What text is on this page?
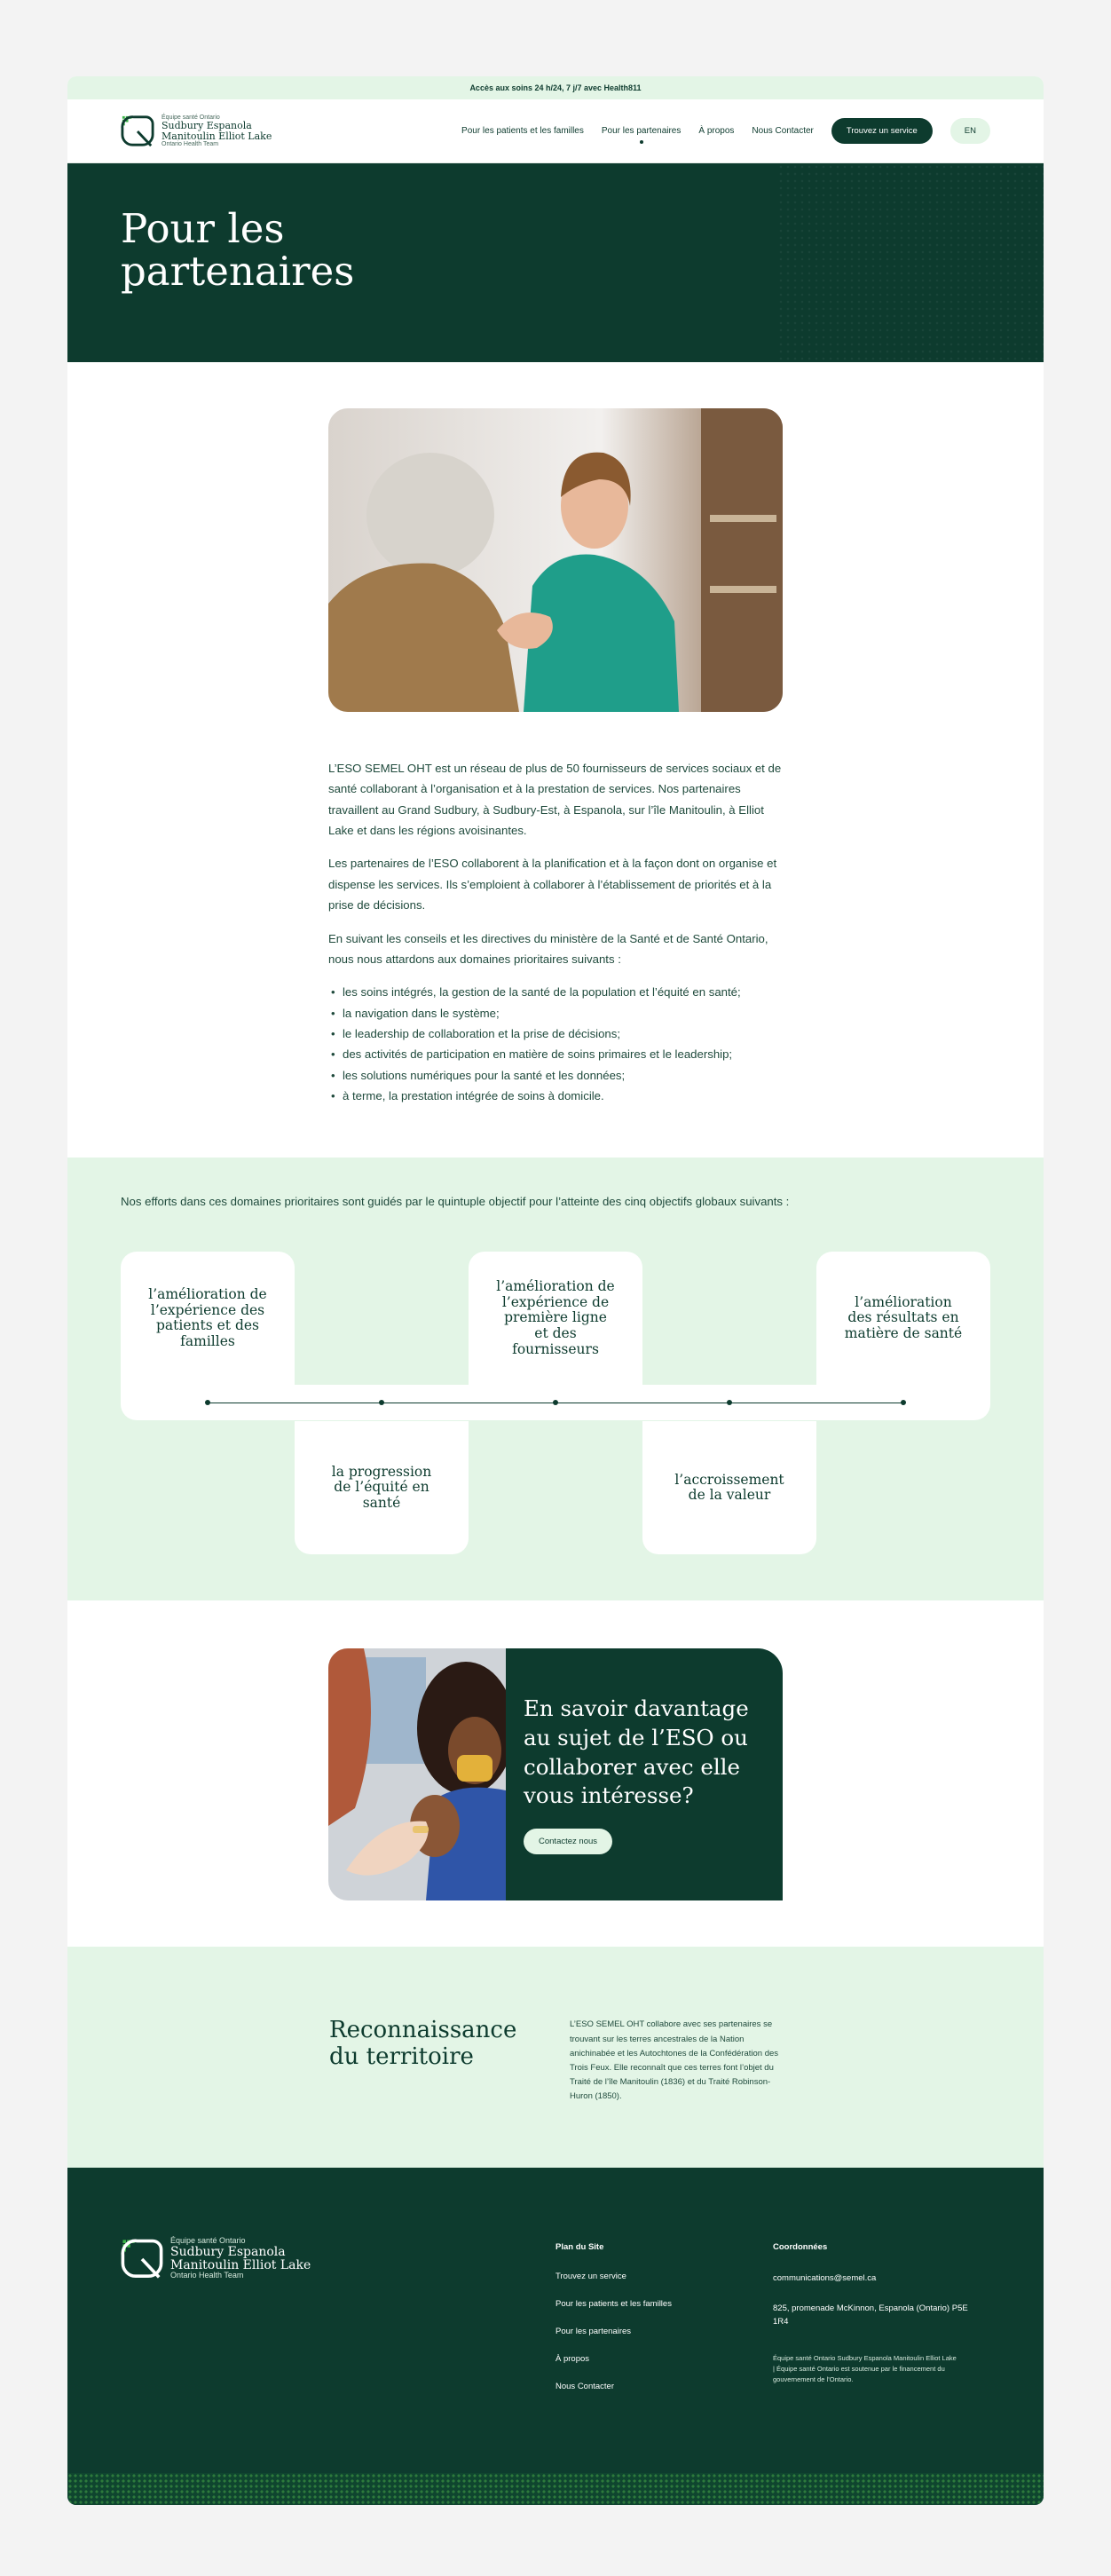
Accès aux soins 24 h/24, 7 j/7 avec Health811
Équipe santé Ontario
Sudbury Espanola
Manitoulin Elliot Lake
Ontario Health Team
Pour les patients et les familles Pour les partenaires À propos Nous Contacter	Trouvez un service	EN
Pour les partenaires

L’ESO SEMEL OHT est un réseau de plus de 50 fournisseurs de services sociaux et de santé collaborant à l’organisation et à la prestation de services. Nos partenaires travaillent au Grand Sudbury, à Sudbury-Est, à Espanola, sur l’île Manitoulin, à Elliot Lake et dans les régions avoisinantes.

Les partenaires de l’ESO collaborent à la planification et à la façon dont on organise et dispense les services. Ils s’emploient à collaborer à l’établissement de priorités et à la prise de décisions.

En suivant les conseils et les directives du ministère de la Santé et de Santé Ontario, nous nous attardons aux domaines prioritaires suivants :

• les soins intégrés, la gestion de la santé de la population et l’équité en santé;
• la navigation dans le système;
• le leadership de collaboration et la prise de décisions;
• des activités de participation en matière de soins primaires et le leadership;
• les solutions numériques pour la santé et les données;
• à terme, la prestation intégrée de soins à domicile.

Nos efforts dans ces domaines prioritaires sont guidés par le quintuple objectif pour l’atteinte des cinq objectifs globaux suivants :

l’amélioration de l’expérience des patients et des familles
l’amélioration de l’expérience de première ligne et des fournisseurs
l’amélioration des résultats en matière de santé
la progression de l’équité en santé
l’accroissement de la valeur
En savoir davantage au sujet de l’ESO ou collaborer avec elle vous intéresse?
Contactez nous
Reconnaissance du territoire

L’ESO SEMEL OHT collabore avec ses partenaires se trouvant sur les terres ancestrales de la Nation anichinabée et les Autochtones de la Confédération des Trois Feux. Elle reconnaît que ces terres font l’objet du Traité de l’île Manitoulin (1836) et du Traité Robinson-Huron (1850).

Équipe santé Ontario
Sudbury Espanola
Manitoulin Elliot Lake
Ontario Health Team
Plan du Site
Trouvez un service
Pour les patients et les familles
Pour les partenaires
À propos
Nous Contacter
Coordonnées
communications@semel.ca
825, promenade McKinnon, Espanola (Ontario) P5E 1R4
Équipe santé Ontario Sudbury Espanola Manitoulin Elliot Lake | Équipe santé Ontario est soutenue par le financement du gouvernement de l’Ontario.
